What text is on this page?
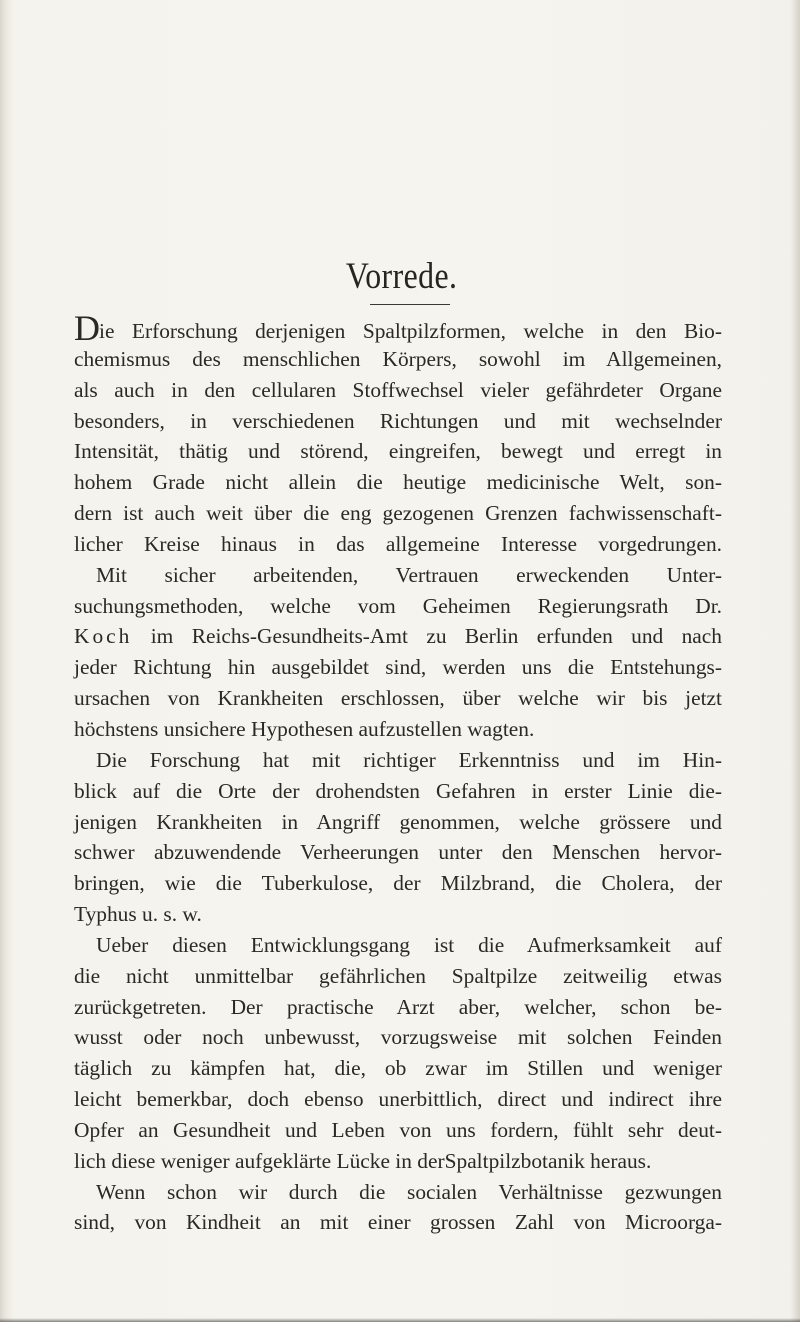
Vorrede.
Die Erforschung derjenigen Spaltpilzformen, welche in den Bio-
chemismus des menschlichen Körpers, sowohl im Allgemeinen,
als auch in den cellularen Stoffwechsel vieler gefährdeter Organe
besonders, in verschiedenen Richtungen und mit wechselnder
Intensität, thätig und störend, eingreifen, bewegt und erregt in
hohem Grade nicht allein die heutige medicinische Welt, son-
dern ist auch weit über die eng gezogenen Grenzen fachwissenschaft-
licher Kreise hinaus in das allgemeine Interesse vorgedrungen.
Mit sicher arbeitenden, Vertrauen erweckenden Unter-
suchungsmethoden, welche vom Geheimen Regierungsrath Dr.
Koch im Reichs-Gesundheits-Amt zu Berlin erfunden und nach
jeder Richtung hin ausgebildet sind, werden uns die Entstehungs-
ursachen von Krankheiten erschlossen, über welche wir bis jetzt
höchstens unsichere Hypothesen aufzustellen wagten.
Die Forschung hat mit richtiger Erkenntniss und im Hin-
blick auf die Orte der drohendsten Gefahren in erster Linie die-
jenigen Krankheiten in Angriff genommen, welche grössere und
schwer abzuwendende Verheerungen unter den Menschen hervor-
bringen, wie die Tuberkulose, der Milzbrand, die Cholera, der
Typhus u. s. w.
Ueber diesen Entwicklungsgang ist die Aufmerksamkeit auf
die nicht unmittelbar gefährlichen Spaltpilze zeitweilig etwas
zurückgetreten. Der practische Arzt aber, welcher, schon be-
wusst oder noch unbewusst, vorzugsweise mit solchen Feinden
täglich zu kämpfen hat, die, ob zwar im Stillen und weniger
leicht bemerkbar, doch ebenso unerbittlich, direct und indirect ihre
Opfer an Gesundheit und Leben von uns fordern, fühlt sehr deut-
lich diese weniger aufgeklärte Lücke in derSpaltpilzbotanik heraus.
Wenn schon wir durch die socialen Verhältnisse gezwungen
sind, von Kindheit an mit einer grossen Zahl von Microorga-
